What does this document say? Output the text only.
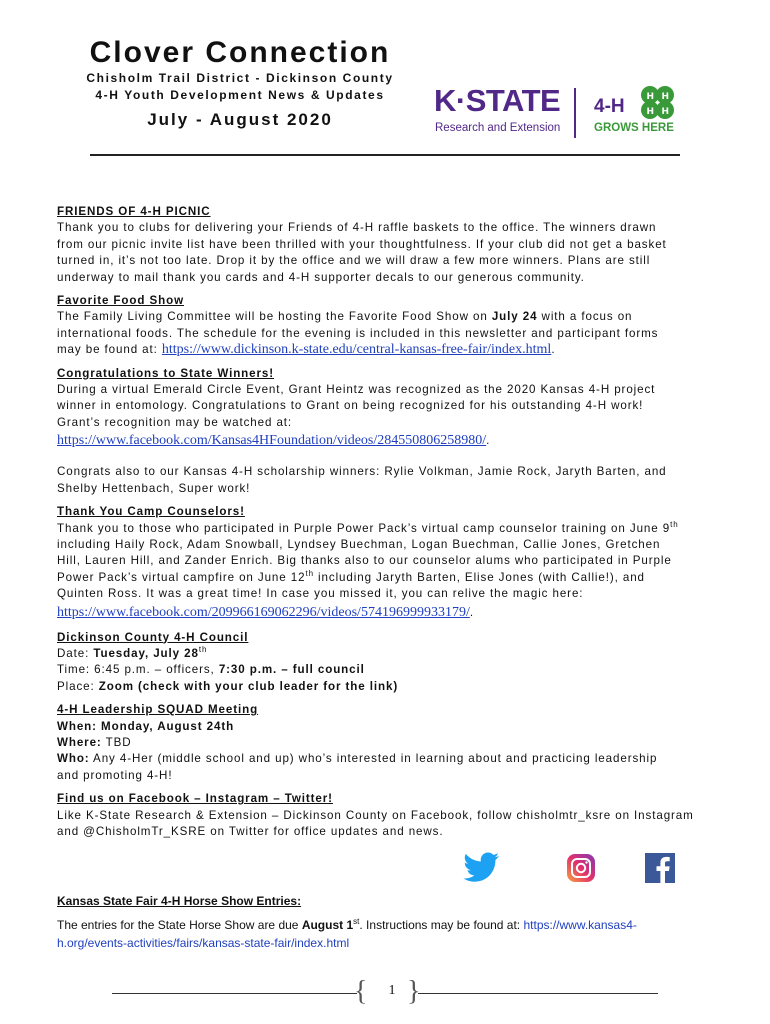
Clover Connection
Chisholm Trail District - Dickinson County
4-H Youth Development News & Updates
July - August 2020
K·STATE
Research and Extension
4-H
GROWS HERE
H H
H H

FRIENDS OF 4-H PICNIC

Thank you to clubs for delivering your Friends of 4-H raffle baskets to the office. The winners drawn

from our picnic invite list have been thrilled with your thoughtfulness. If your club did not get a basket

turned in, it’s not too late. Drop it by the office and we will draw a few more winners. Plans are still

underway to mail thank you cards and 4-H supporter decals to our generous community.

Favorite Food Show

The Family Living Committee will be hosting the Favorite Food Show on July 24 with a focus on

international foods. The schedule for the evening is included in this newsletter and participant forms

may be found at: https://www.dickinson.k-state.edu/central-kansas-free-fair/index.html.

Congratulations to State Winners!

During a virtual Emerald Circle Event, Grant Heintz was recognized as the 2020 Kansas 4-H project

winner in entomology. Congratulations to Grant on being recognized for his outstanding 4-H work!

Grant’s recognition may be watched at:

https://www.facebook.com/Kansas4HFoundation/videos/284550806258980/.

Congrats also to our Kansas 4-H scholarship winners: Rylie Volkman, Jamie Rock, Jaryth Barten, and

Shelby Hettenbach, Super work!

Thank You Camp Counselors!

Thank you to those who participated in Purple Power Pack’s virtual camp counselor training on June 9th

including Haily Rock, Adam Snowball, Lyndsey Buechman, Logan Buechman, Callie Jones, Gretchen

Hill, Lauren Hill, and Zander Enrich. Big thanks also to our counselor alums who participated in Purple

Power Pack’s virtual campfire on June 12th including Jaryth Barten, Elise Jones (with Callie!), and

Quinten Ross. It was a great time! In case you missed it, you can relive the magic here:

https://www.facebook.com/209966169062296/videos/574196999933179/.

Dickinson County 4-H Council

Date: Tuesday, July 28th

Time: 6:45 p.m. – officers, 7:30 p.m. – full council

Place: Zoom (check with your club leader for the link)

4-H Leadership SQUAD Meeting

When: Monday, August 24th

Where: TBD

Who: Any 4-Her (middle school and up) who’s interested in learning about and practicing leadership

and promoting 4-H!

Find us on Facebook – Instagram – Twitter!

Like K-State Research & Extension – Dickinson County on Facebook, follow chisholmtr_ksre on Instagram

and @ChisholmTr_KSRE on Twitter for office updates and news.

Kansas State Fair 4-H Horse Show Entries:
The entries for the State Horse Show are due August 1st. Instructions may be found at: https://www.kansas4-
h.org/events-activities/fairs/kansas-state-fair/index.html
{ }
1
